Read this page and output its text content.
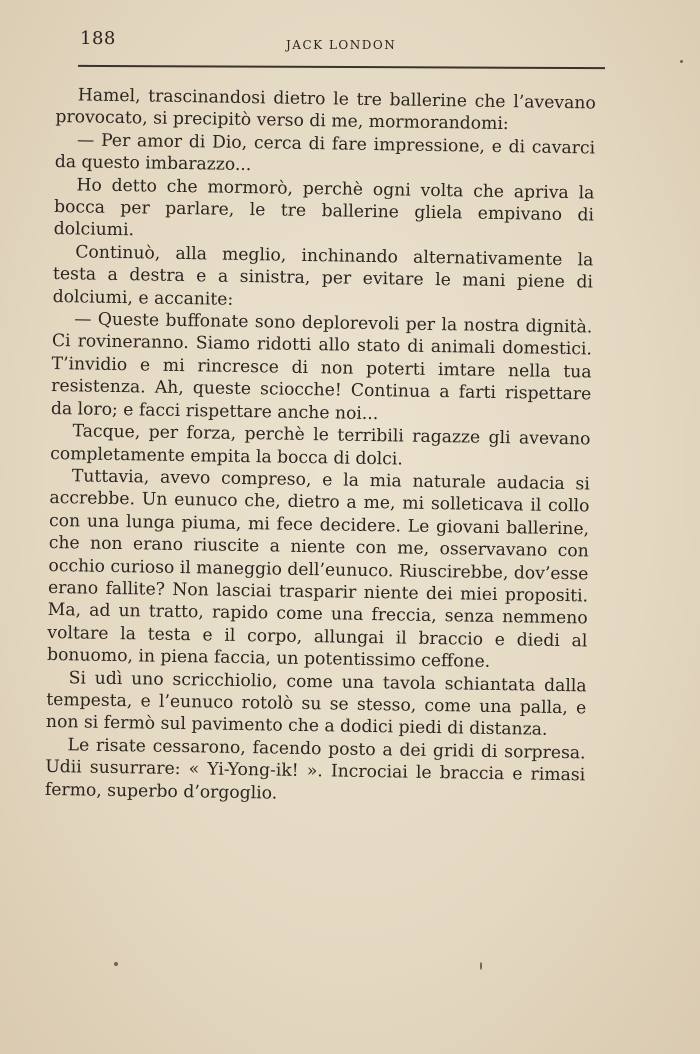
188	JACK LONDON

Hamel, trascinandosi dietro le tre ballerine che l’avevano provocato, si precipitò verso di me, mormorandomi:

— Per amor di Dio, cerca di fare impressione, e di cavarci da questo imbarazzo...

Ho detto che mormorò, perchè ogni volta che apriva la bocca per parlare, le tre ballerine gliela empivano di dolciumi.

Continuò, alla meglio, inchinando alternativamente la testa a destra e a sinistra, per evitare le mani piene di dolciumi, e accanite:

— Queste buffonate sono deplorevoli per la nostra dignità. Ci rovineranno. Siamo ridotti allo stato di animali domestici. T’invidio e mi rincresce di non poterti imtare nella tua resistenza. Ah, queste sciocche! Continua a farti rispettare da loro; e facci rispettare anche noi...

Tacque, per forza, perchè le terribili ragazze gli avevano completamente empita la bocca di dolci.

Tuttavia, avevo compreso, e la mia naturale audacia si accrebbe. Un eunuco che, dietro a me, mi solleticava il collo con una lunga piuma, mi fece decidere. Le giovani ballerine, che non erano riuscite a niente con me, osservavano con occhio curioso il maneggio dell’eunuco. Riuscirebbe, dov’esse erano fallite? Non lasciai trasparir niente dei miei propositi. Ma, ad un tratto, rapido come una freccia, senza nemmeno voltare la testa e il corpo, allungai il braccio e diedi al bonuomo, in piena faccia, un potentissimo ceffone.

Si udì uno scricchiolio, come una tavola schiantata dalla tempesta, e l’eunuco rotolò su se stesso, come una palla, e non si fermò sul pavimento che a dodici piedi di distanza.

Le risate cessarono, facendo posto a dei gridi di sorpresa. Udii susurrare: « Yi-Yong-ik! ». Incrociai le braccia e rimasi fermo, superbo d’orgoglio.
